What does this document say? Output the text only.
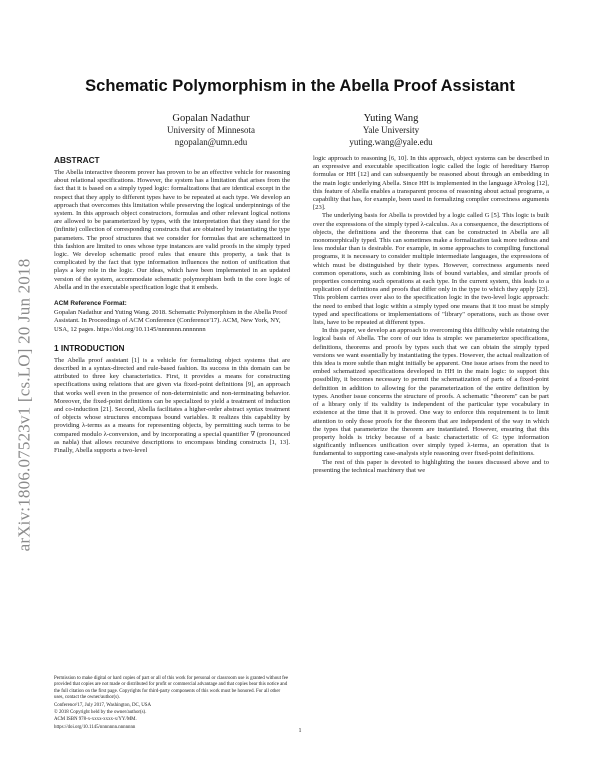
arXiv:1806.07523v1 [cs.LO] 20 Jun 2018
Schematic Polymorphism in the Abella Proof Assistant
Gopalan Nadathur
University of Minnesota
ngopalan@umn.edu
Yuting Wang
Yale University
yuting.wang@yale.edu
ABSTRACT

The Abella interactive theorem prover has proven to be an effective vehicle for reasoning about relational specifications. However, the system has a limitation that arises from the fact that it is based on a simply typed logic: formalizations that are identical except in the respect that they apply to different types have to be repeated at each type. We develop an approach that overcomes this limitation while preserving the logical underpinnings of the system. In this approach object constructors, formulas and other relevant logical notions are allowed to be parameterized by types, with the interpretation that they stand for the (infinite) collection of corresponding constructs that are obtained by instantiating the type parameters. The proof structures that we consider for formulas that are schematized in this fashion are limited to ones whose type instances are valid proofs in the simply typed logic. We develop schematic proof rules that ensure this property, a task that is complicated by the fact that type information influences the notion of unification that plays a key role in the logic. Our ideas, which have been implemented in an updated version of the system, accommodate schematic polymorphism both in the core logic of Abella and in the executable specification logic that it embeds.

ACM Reference Format:

Gopalan Nadathur and Yuting Wang. 2018. Schematic Polymorphism in the Abella Proof Assistant. In Proceedings of ACM Conference (Conference'17). ACM, New York, NY, USA, 12 pages. https://doi.org/10.1145/nnnnnnn.nnnnnnn

1 INTRODUCTION

The Abella proof assistant [1] is a vehicle for formalizing object systems that are described in a syntax-directed and rule-based fashion. Its success in this domain can be attributed to three key characteristics. First, it provides a means for constructing specifications using relations that are given via fixed-point definitions [9], an approach that works well even in the presence of non-deterministic and non-terminating behavior. Moreover, the fixed-point definitions can be specialized to yield a treatment of induction and co-induction [21]. Second, Abella facilitates a higher-order abstract syntax treatment of objects whose structures encompass bound variables. It realizes this capability by providing λ-terms as a means for representing objects, by permitting such terms to be compared modulo λ-conversion, and by incorporating a special quantifier ∇ (pronounced as nabla) that allows recursive descriptions to encompass binding constructs [1, 13]. Finally, Abella supports a two-level

logic approach to reasoning [6, 10]. In this approach, object systems can be described in an expressive and executable specification logic called the logic of hereditary Harrop formulas or HH [12] and can subsequently be reasoned about through an embedding in the main logic underlying Abella. Since HH is implemented in the language λProlog [12], this feature of Abella enables a transparent process of reasoning about actual programs, a capability that has, for example, been used in formalizing compiler correctness arguments [23].

The underlying basis for Abella is provided by a logic called G [5]. This logic is built over the expressions of the simply typed λ-calculus. As a consequence, the descriptions of objects, the definitions and the theorems that can be constructed in Abella are all monomorphically typed. This can sometimes make a formalization task more tedious and less modular than is desirable. For example, in some approaches to compiling functional programs, it is necessary to consider multiple intermediate languages, the expressions of which must be distinguished by their types. However, correctness arguments need common operations, such as combining lists of bound variables, and similar proofs of properties concerning such operations at each type. In the current system, this leads to a replication of definitions and proofs that differ only in the type to which they apply [23]. This problem carries over also to the specification logic in the two-level logic approach: the need to embed that logic within a simply typed one means that it too must be simply typed and specifications or implementations of "library" operations, such as those over lists, have to be repeated at different types.

In this paper, we develop an approach to overcoming this difficulty while retaining the logical basis of Abella. The core of our idea is simple: we parameterize specifications, definitions, theorems and proofs by types such that we can obtain the simply typed versions we want essentially by instantiating the types. However, the actual realization of this idea is more subtle than might initially be apparent. One issue arises from the need to embed schematized specifications developed in HH in the main logic: to support this possibility, it becomes necessary to permit the schematization of parts of a fixed-point definition in addition to allowing for the parameterization of the entire definition by types. Another issue concerns the structure of proofs. A schematic "theorem" can be part of a library only if its validity is independent of the particular type vocabulary in existence at the time that it is proved. One way to enforce this requirement is to limit attention to only those proofs for the theorem that are independent of the way in which the types that parameterize the theorem are instantiated. However, ensuring that this property holds is tricky because of a basic characteristic of G: type information significantly influences unification over simply typed λ-terms, an operation that is fundamental to supporting case-analysis style reasoning over fixed-point definitions.

The rest of this paper is devoted to highlighting the issues discussed above and to presenting the technical machinery that we

Permission to make digital or hard copies of part or all of this work for personal or classroom use is granted without fee provided that copies are not made or distributed for profit or commercial advantage and that copies bear this notice and the full citation on the first page. Copyrights for third-party components of this work must be honored. For all other uses, contact the owner/author(s).

Conference'17, July 2017, Washington, DC, USA

© 2018 Copyright held by the owner/author(s).

ACM ISBN 978-x-xxxx-xxxx-x/YY/MM.

https://doi.org/10.1145/nnnnnnn.nnnnnnn

1
